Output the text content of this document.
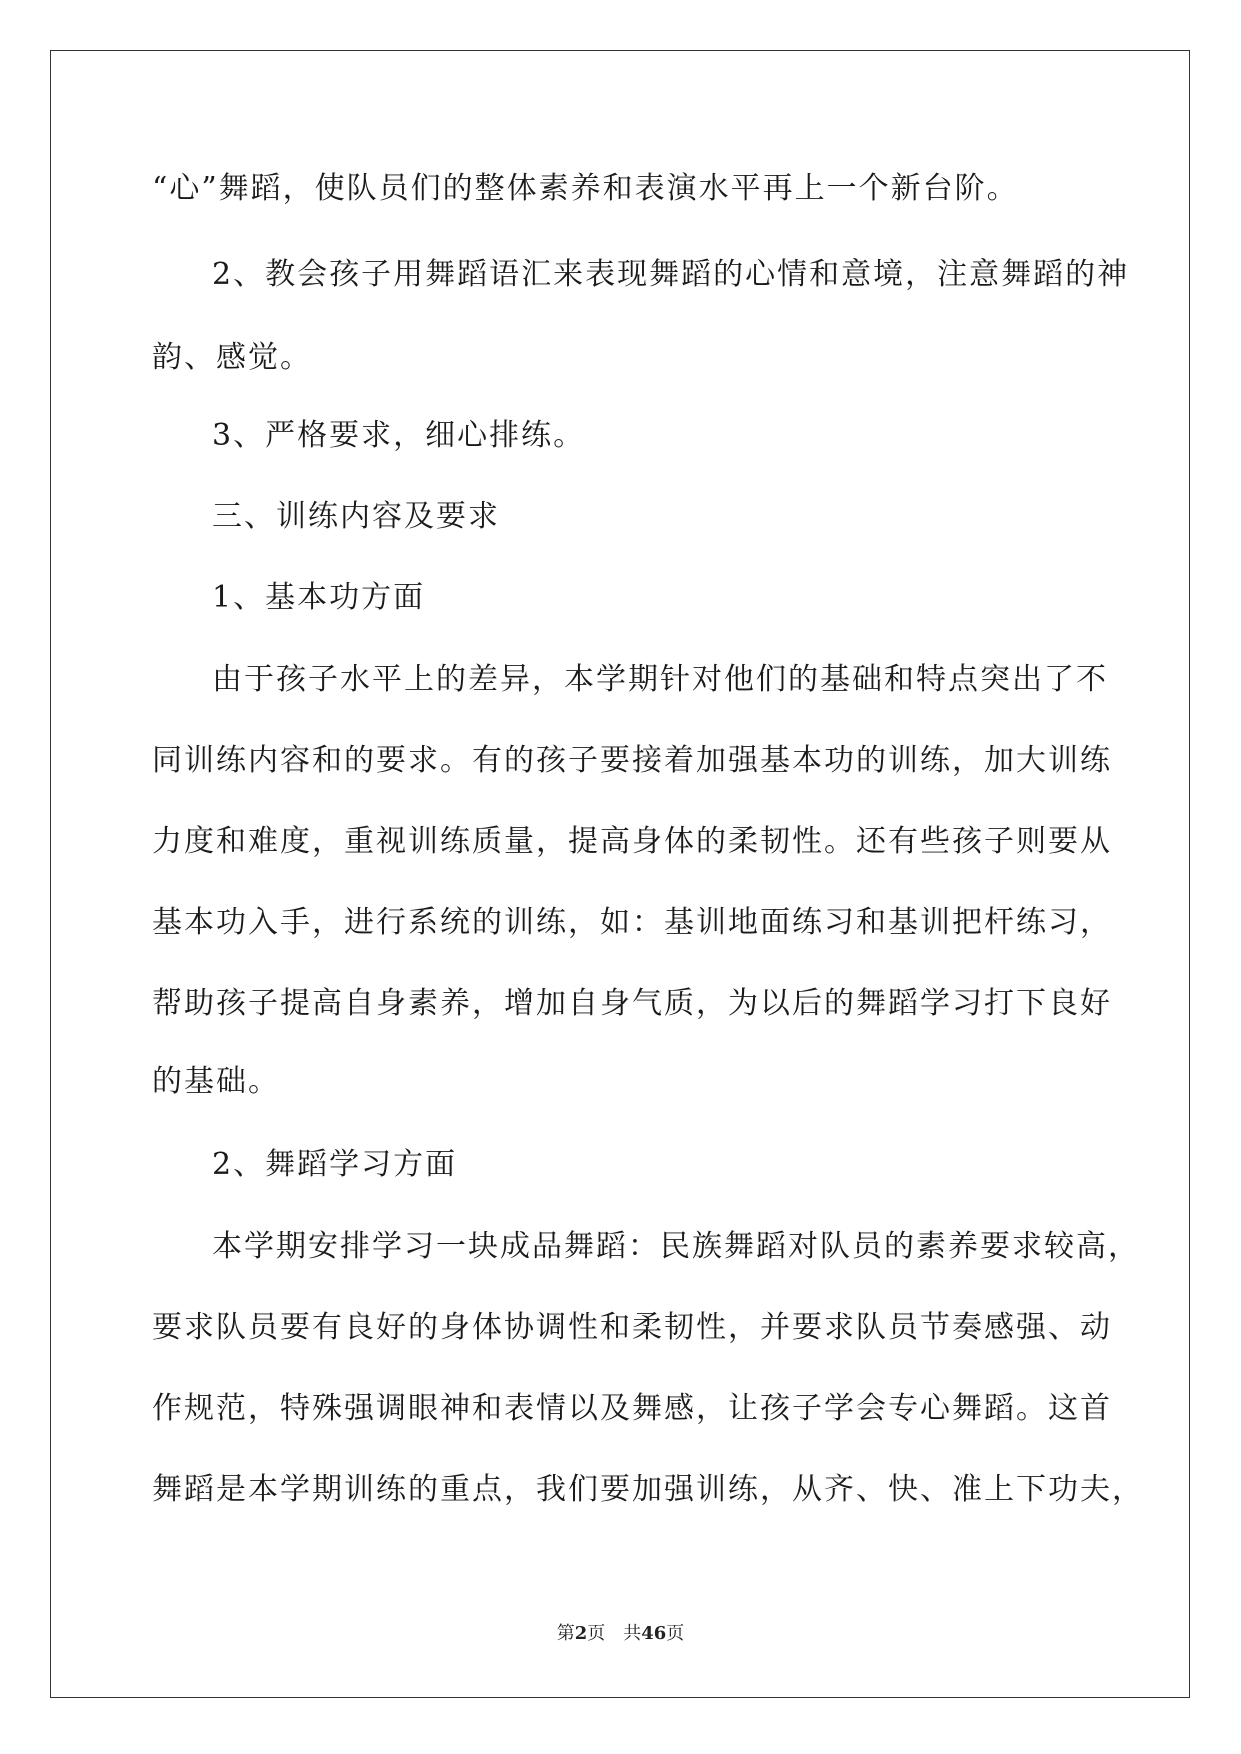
“心”舞蹈，使队员们的整体素养和表演水平再上一个新台阶。
2、教会孩子用舞蹈语汇来表现舞蹈的心情和意境，注意舞蹈的神
韵、感觉。
3、严格要求，细心排练。
三、训练内容及要求
1、基本功方面
由于孩子水平上的差异，本学期针对他们的基础和特点突出了不
同训练内容和的要求。有的孩子要接着加强基本功的训练，加大训练
力度和难度，重视训练质量，提高身体的柔韧性。还有些孩子则要从
基本功入手，进行系统的训练，如：基训地面练习和基训把杆练习，
帮助孩子提高自身素养，增加自身气质，为以后的舞蹈学习打下良好
的基础。
2、舞蹈学习方面
本学期安排学习一块成品舞蹈：民族舞蹈对队员的素养要求较高，
要求队员要有良好的身体协调性和柔韧性，并要求队员节奏感强、动
作规范，特殊强调眼神和表情以及舞感，让孩子学会专心舞蹈。这首
舞蹈是本学期训练的重点，我们要加强训练，从齐、快、准上下功夫，
第2页 共46页
